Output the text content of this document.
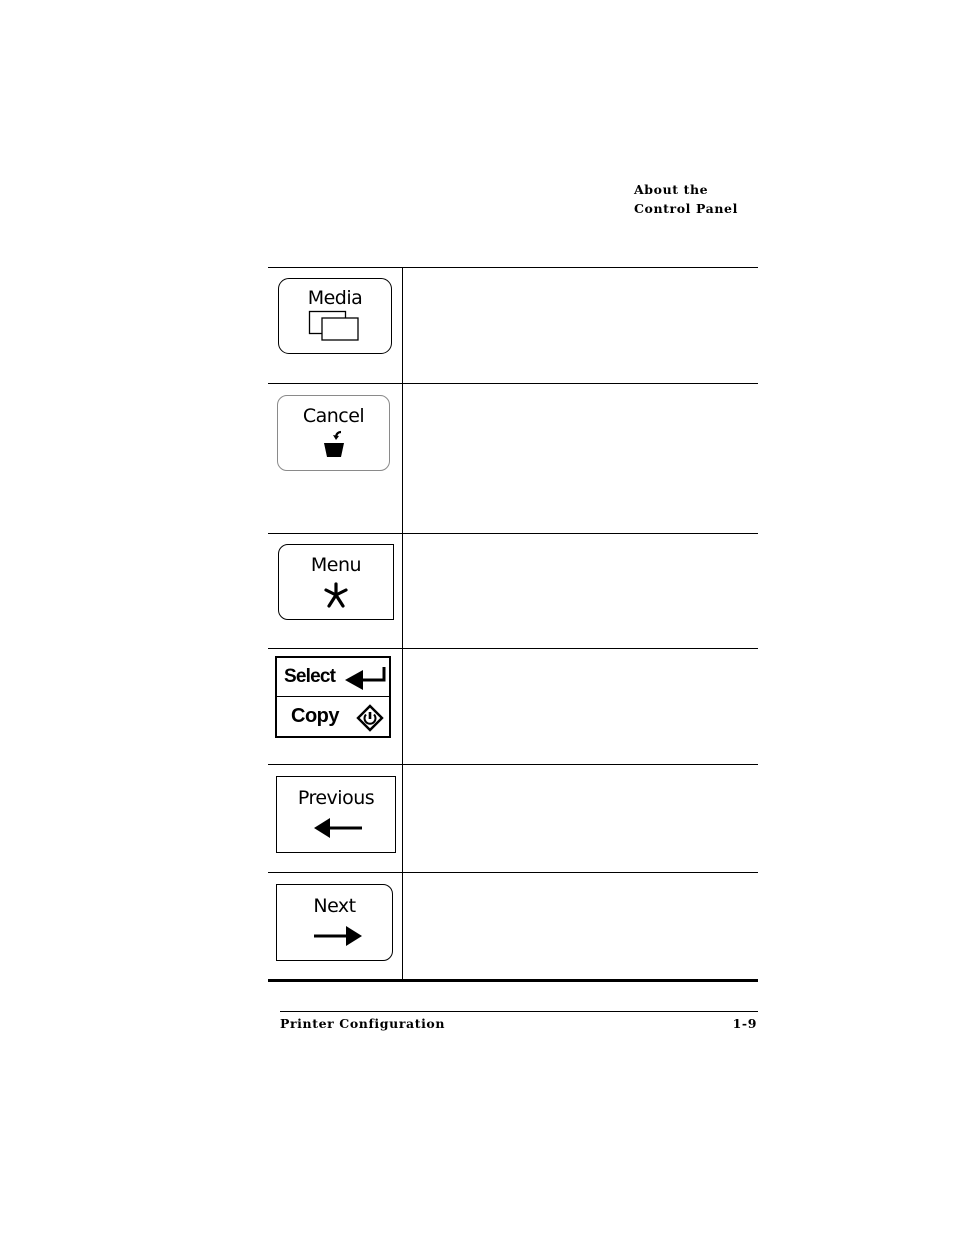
About the
Control Panel
Media
Cancel
Menu
Select
Copy
Previous
Next
Printer Configuration	1-9
